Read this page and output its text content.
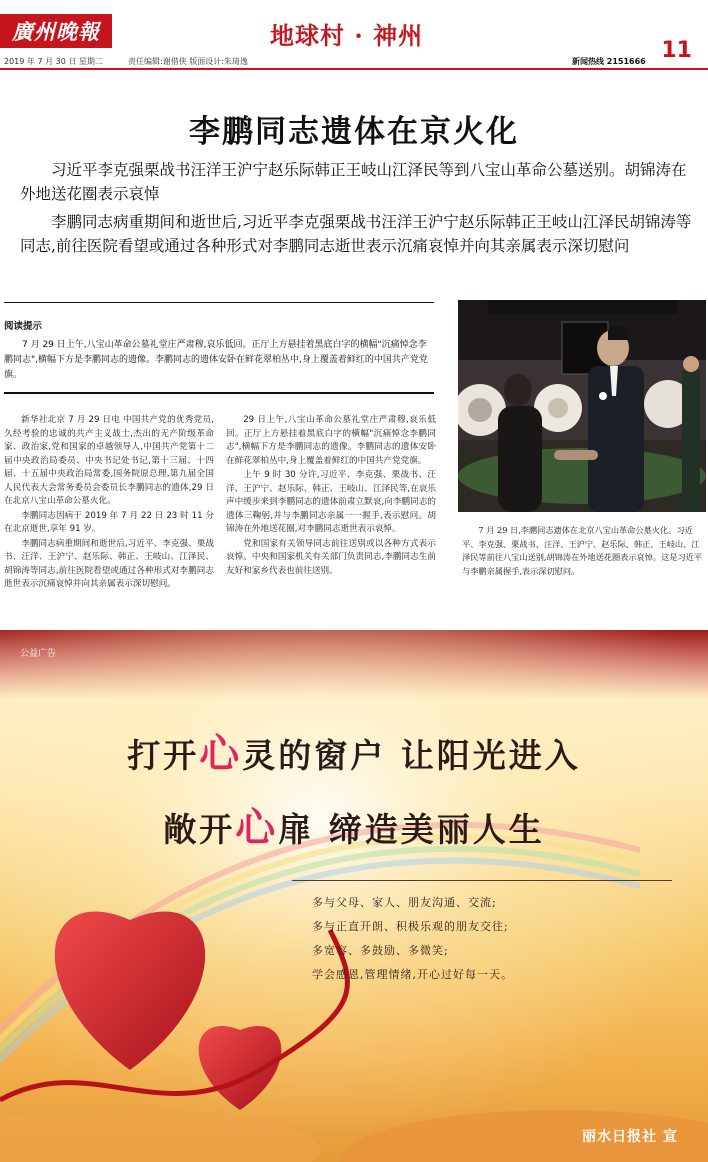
廣州晚報	地球村 · 神州
11
2019 年 7 月 30 日 星期二	责任编辑:谢借侠 版面设计:朱琦逸	新闻热线 2151666
李鹏同志遗体在京火化

习近平李克强栗战书汪洋王沪宁赵乐际韩正王岐山江泽民等到八宝山革命公墓送别。胡锦涛在外地送花圈表示哀悼

李鹏同志病重期间和逝世后,习近平李克强栗战书汪洋王沪宁赵乐际韩正王岐山江泽民胡锦涛等同志,前往医院看望或通过各种形式对李鹏同志逝世表示沉痛哀悼并向其亲属表示深切慰问

阅读提示

7 月 29 日上午,八宝山革命公墓礼堂庄严肃穆,哀乐低回。正厅上方悬挂着黑底白字的横幅"沉痛悼念李鹏同志",横幅下方是李鹏同志的遗像。李鹏同志的遗体安卧在鲜花翠柏丛中,身上覆盖着鲜红的中国共产党党旗。

新华社北京 7 月 29 日电 中国共产党的优秀党员,久经考验的忠诚的共产主义战士,杰出的无产阶级革命家、政治家,党和国家的卓越领导人,中国共产党第十二届中央政治局委员、中央书记处书记,第十三届、十四届、十五届中央政治局常委,国务院原总理,第九届全国人民代表大会常务委员会委员长李鹏同志的遗体,29 日在北京八宝山革命公墓火化。

李鹏同志因病于 2019 年 7 月 22 日 23 时 11 分在北京逝世,享年 91 岁。

李鹏同志病重期间和逝世后,习近平、李克强、栗战书、汪洋、王沪宁、赵乐际、韩正、王岐山、江泽民、胡锦涛等同志,前往医院看望或通过各种形式对李鹏同志逝世表示沉痛哀悼并向其亲属表示深切慰问。

29 日上午,八宝山革命公墓礼堂庄严肃穆,哀乐低回。正厅上方悬挂着黑底白字的横幅"沉痛悼念李鹏同志",横幅下方是李鹏同志的遗像。李鹏同志的遗体安卧在鲜花翠柏丛中,身上覆盖着鲜红的中国共产党党旗。

上午 9 时 30 分许,习近平、李克强、栗战书、汪洋、王沪宁、赵乐际、韩正、王岐山、江泽民等,在哀乐声中缓步来到李鹏同志的遗体前肃立默哀,向李鹏同志的遗体三鞠躬,并与李鹏同志亲属一一握手,表示慰问。胡锦涛在外地送花圈,对李鹏同志逝世表示哀悼。

党和国家有关领导同志前往送别或以各种方式表示哀悼。中央和国家机关有关部门负责同志,李鹏同志生前友好和家乡代表也前往送别。

7 月 29 日,李鹏同志遗体在北京八宝山革命公墓火化。习近平、李克强、栗战书、汪洋、王沪宁、赵乐际、韩正、王岐山、江泽民等前往八宝山送别,胡锦涛在外地送花圈表示哀悼。这是习近平与李鹏亲属握手,表示深切慰问。

公益广告
打开心灵的窗户 让阳光进入
敞开心扉 缔造美丽人生
多与父母、家人、朋友沟通、交流;
多与正直开朗、积极乐观的朋友交往;
多宽容、多鼓励、多微笑;
学会感恩,管理情绪,开心过好每一天。
丽水日报社 宣
